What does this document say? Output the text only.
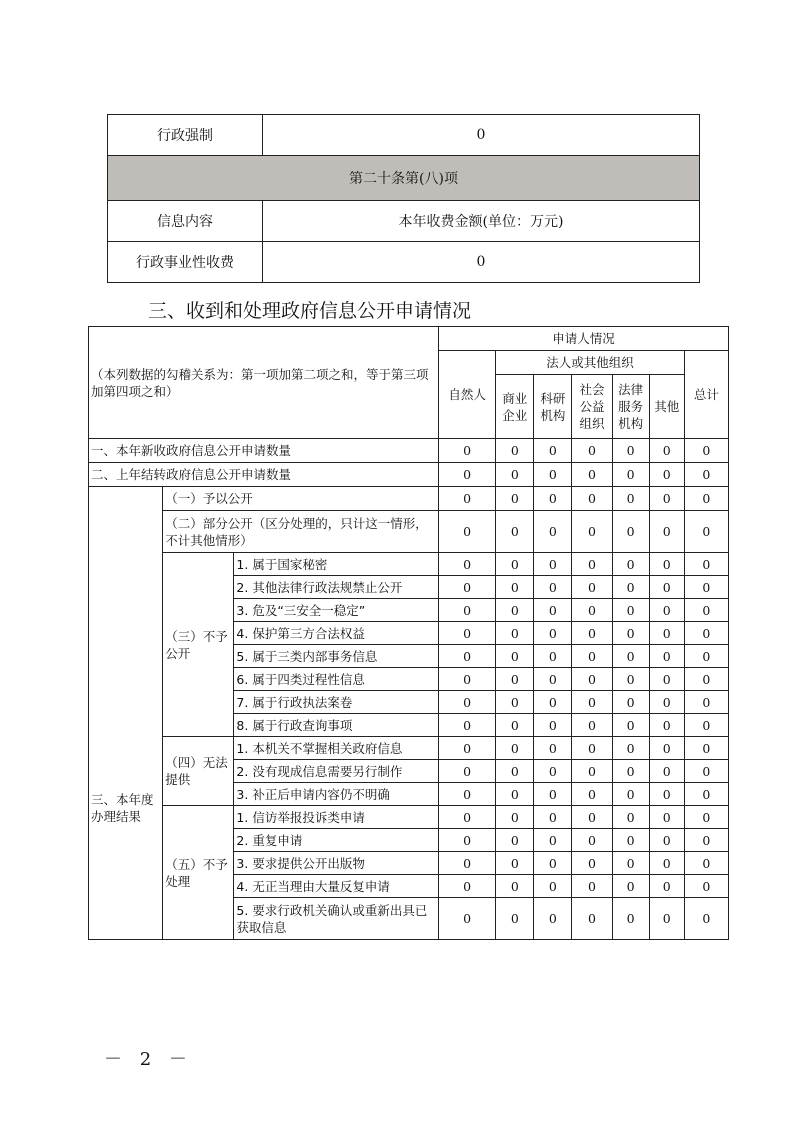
行政强制	0
第二十条第(八)项	
信息内容	本年收费金额(单位：万元)
行政事业性收费	0
三、收到和处理政府信息公开申请情况
（本列数据的勾稽关系为：第一项加第二项之和，等于第三项加第四项之和）			申请人情况						
			自然人	法人或其他组织					总计
				商业企业	科研机构	社会公益组织	法律服务机构	其他	
一、本年新收政府信息公开申请数量			0	0	0	0	0	0	0
二、上年结转政府信息公开申请数量			0	0	0	0	0	0	0
三、本年度办理结果	（一）予以公开		0	0	0	0	0	0	0
	（二）部分公开（区分处理的，只计这一情形，不计其他情形）		0	0	0	0	0	0	0
	（三）不予公开	1. 属于国家秘密	0	0	0	0	0	0	0
		2. 其他法律行政法规禁止公开	0	0	0	0	0	0	0
		3. 危及“三安全一稳定”	0	0	0	0	0	0	0
		4. 保护第三方合法权益	0	0	0	0	0	0	0
		5. 属于三类内部事务信息	0	0	0	0	0	0	0
		6. 属于四类过程性信息	0	0	0	0	0	0	0
		7. 属于行政执法案卷	0	0	0	0	0	0	0
		8. 属于行政查询事项	0	0	0	0	0	0	0
	（四）无法提供	1. 本机关不掌握相关政府信息	0	0	0	0	0	0	0
		2. 没有现成信息需要另行制作	0	0	0	0	0	0	0
		3. 补正后申请内容仍不明确	0	0	0	0	0	0	0
	（五）不予处理	1. 信访举报投诉类申请	0	0	0	0	0	0	0
		2. 重复申请	0	0	0	0	0	0	0
		3. 要求提供公开出版物	0	0	0	0	0	0	0
		4. 无正当理由大量反复申请	0	0	0	0	0	0	0
		5. 要求行政机关确认或重新出具已获取信息	0	0	0	0	0	0	0
－ 2 －
